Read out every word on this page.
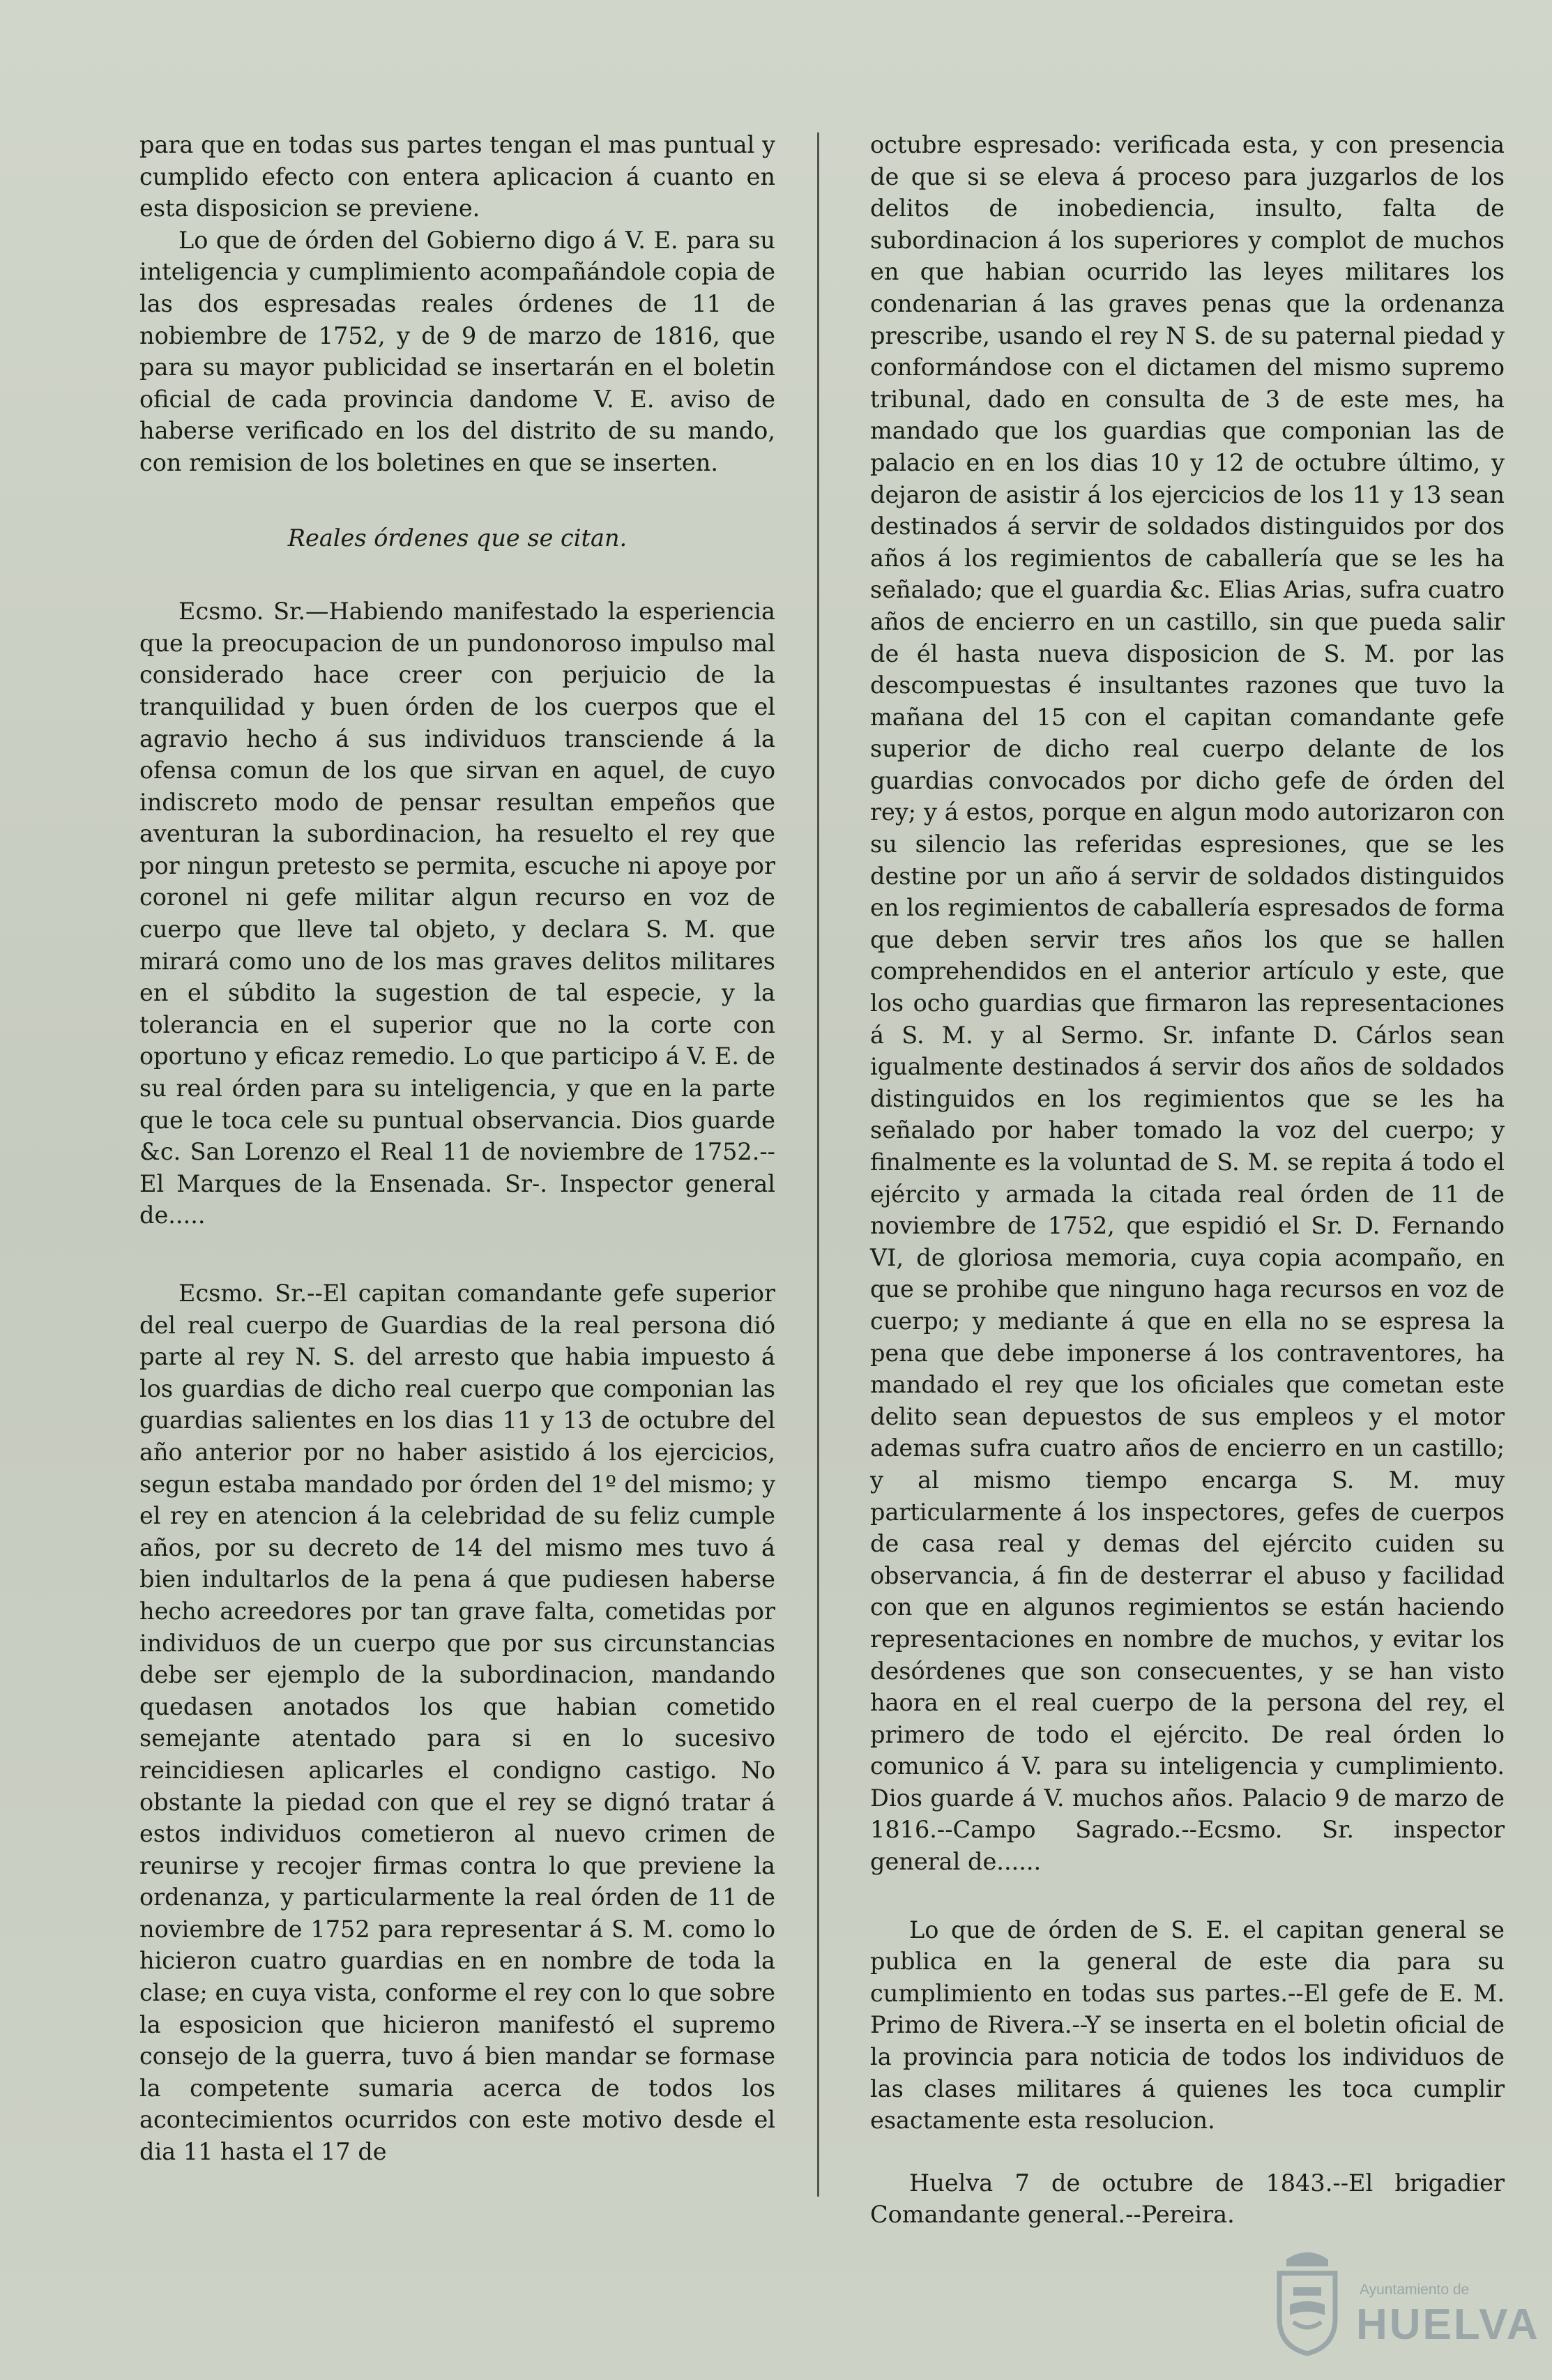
para que en todas sus partes tengan el mas puntual y cumplido efecto con entera aplicacion á cuanto en esta disposicion se previene.

Lo que de órden del Gobierno digo á V. E. para su inteligencia y cumplimiento acompañándole copia de las dos espresadas reales órdenes de 11 de nobiembre de 1752, y de 9 de marzo de 1816, que para su mayor publicidad se insertarán en el boletin oficial de cada provincia dandome V. E. aviso de haberse verificado en los del distrito de su mando, con remision de los boletines en que se inserten.

Reales órdenes que se citan.

Ecsmo. Sr.—Habiendo manifestado la esperiencia que la preocupacion de un pundonoroso impulso mal considerado hace creer con perjuicio de la tranquilidad y buen órden de los cuerpos que el agravio hecho á sus individuos transciende á la ofensa comun de los que sirvan en aquel, de cuyo indiscreto modo de pensar resultan empeños que aventuran la subordinacion, ha resuelto el rey que por ningun pretesto se permita, escuche ni apoye por coronel ni gefe militar algun recurso en voz de cuerpo que lleve tal objeto, y declara S. M. que mirará como uno de los mas graves delitos militares en el súbdito la sugestion de tal especie, y la tolerancia en el superior que no la corte con oportuno y eficaz remedio. Lo que participo á V. E. de su real órden para su inteligencia, y que en la parte que le toca cele su puntual observancia. Dios guarde &c. San Lorenzo el Real 11 de noviembre de 1752.--El Marques de la Ensenada. Sr-. Inspector general de.....

Ecsmo. Sr.--El capitan comandante gefe superior del real cuerpo de Guardias de la real persona dió parte al rey N. S. del arresto que habia impuesto á los guardias de dicho real cuerpo que componian las guardias salientes en los dias 11 y 13 de octubre del año anterior por no haber asistido á los ejercicios, segun estaba mandado por órden del 1º del mismo; y el rey en atencion á la celebridad de su feliz cumple años, por su decreto de 14 del mismo mes tuvo á bien indultarlos de la pena á que pudiesen haberse hecho acreedores por tan grave falta, cometidas por individuos de un cuerpo que por sus circunstancias debe ser ejemplo de la subordinacion, mandando quedasen anotados los que habian cometido semejante atentado para si en lo sucesivo reincidiesen aplicarles el condigno castigo. No obstante la piedad con que el rey se dignó tratar á estos individuos cometieron al nuevo crimen de reunirse y recojer firmas contra lo que previene la ordenanza, y particularmente la real órden de 11 de noviembre de 1752 para representar á S. M. como lo hicieron cuatro guardias en en nombre de toda la clase; en cuya vista, conforme el rey con lo que sobre la esposicion que hicieron manifestó el supremo consejo de la guerra, tuvo á bien mandar se formase la competente sumaria acerca de todos los acontecimientos ocurridos con este motivo desde el dia 11 hasta el 17 de

octubre espresado: verificada esta, y con presencia de que si se eleva á proceso para juzgarlos de los delitos de inobediencia, insulto, falta de subordinacion á los superiores y complot de muchos en que habian ocurrido las leyes militares los condenarian á las graves penas que la ordenanza prescribe, usando el rey N S. de su paternal piedad y conformándose con el dictamen del mismo supremo tribunal, dado en consulta de 3 de este mes, ha mandado que los guardias que componian las de palacio en en los dias 10 y 12 de octubre último, y dejaron de asistir á los ejercicios de los 11 y 13 sean destinados á servir de soldados distinguidos por dos años á los regimientos de caballería que se les ha señalado; que el guardia &c. Elias Arias, sufra cuatro años de encierro en un castillo, sin que pueda salir de él hasta nueva disposicion de S. M. por las descompuestas é insultantes razones que tuvo la mañana del 15 con el capitan comandante gefe superior de dicho real cuerpo delante de los guardias convocados por dicho gefe de órden del rey; y á estos, porque en algun modo autorizaron con su silencio las referidas espresiones, que se les destine por un año á servir de soldados distinguidos en los regimientos de caballería espresados de forma que deben servir tres años los que se hallen comprehendidos en el anterior artículo y este, que los ocho guardias que firmaron las representaciones á S. M. y al Sermo. Sr. infante D. Cárlos sean igualmente destinados á servir dos años de soldados distinguidos en los regimientos que se les ha señalado por haber tomado la voz del cuerpo; y finalmente es la voluntad de S. M. se repita á todo el ejército y armada la citada real órden de 11 de noviembre de 1752, que espidió el Sr. D. Fernando VI, de gloriosa memoria, cuya copia acompaño, en que se prohibe que ninguno haga recursos en voz de cuerpo; y mediante á que en ella no se espresa la pena que debe imponerse á los contraventores, ha mandado el rey que los oficiales que cometan este delito sean depuestos de sus empleos y el motor ademas sufra cuatro años de encierro en un castillo; y al mismo tiempo encarga S. M. muy particularmente á los inspectores, gefes de cuerpos de casa real y demas del ejército cuiden su observancia, á fin de desterrar el abuso y facilidad con que en algunos regimientos se están haciendo representaciones en nombre de muchos, y evitar los desórdenes que son consecuentes, y se han visto haora en el real cuerpo de la persona del rey, el primero de todo el ejército. De real órden lo comunico á V. para su inteligencia y cumplimiento. Dios guarde á V. muchos años. Palacio 9 de marzo de 1816.--Campo Sagrado.--Ecsmo. Sr. inspector general de......

Lo que de órden de S. E. el capitan general se publica en la general de este dia para su cumplimiento en todas sus partes.--El gefe de E. M. Primo de Rivera.--Y se inserta en el boletin oficial de la provincia para noticia de todos los individuos de las clases militares á quienes les toca cumplir esactamente esta resolucion.

Huelva 7 de octubre de 1843.--El brigadier Comandante general.--Pereira.

Ayuntamiento de
HUELVA
